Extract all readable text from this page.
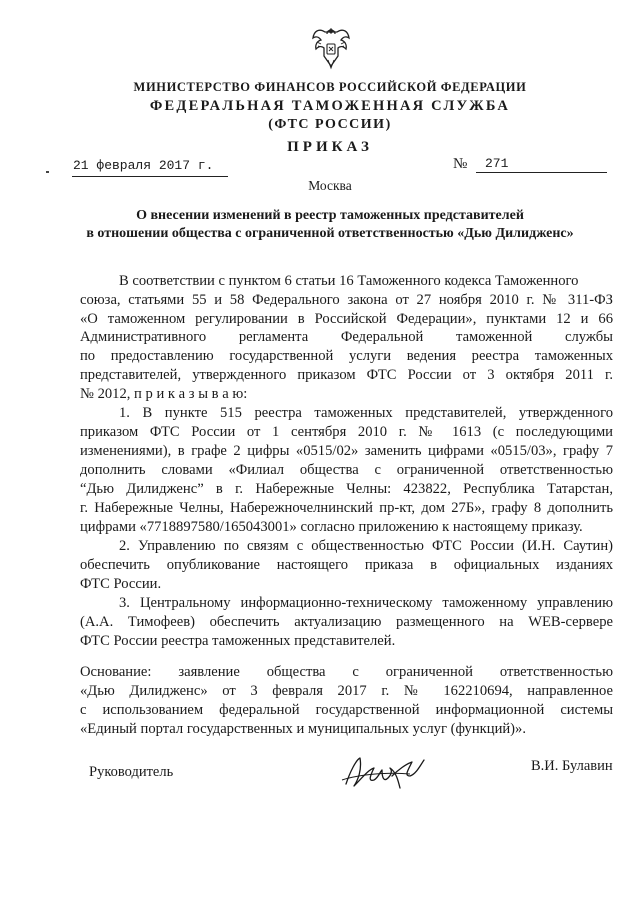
МИНИСТЕРСТВО ФИНАНСОВ РОССИЙСКОЙ ФЕДЕРАЦИИ
ФЕДЕРАЛЬНАЯ ТАМОЖЕННАЯ СЛУЖБА
(ФТС РОССИИ)
ПРИКАЗ
21 февраля 2017 г.	№ 271
Москва
О внесении изменений в реестр таможенных представителей
в отношении общества с ограниченной ответственностью «Дью Дилидженс»
В соответствии с пунктом 6 статьи 16 Таможенного кодекса Таможенного
союза, статьями 55 и 58 Федерального закона от 27 ноября 2010 г. № 311-ФЗ
«О таможенном регулировании в Российской Федерации», пунктами 12 и 66
Административного регламента Федеральной таможенной службы
по предоставлению государственной услуги ведения реестра таможенных
представителей, утвержденного приказом ФТС России от 3 октября 2011 г.
№ 2012, п р и к а з ы в а ю:
1. В пункте 515 реестра таможенных представителей, утвержденного
приказом ФТС России от 1 сентября 2010 г. № 1613 (с последующими
изменениями), в графе 2 цифры «0515/02» заменить цифрами «0515/03», графу 7
дополнить словами «Филиал общества с ограниченной ответственностью
“Дью Дилидженс” в г. Набережные Челны: 423822, Республика Татарстан,
г. Набережные Челны, Набережночелнинский пр-кт, дом 27Б», графу 8 дополнить
цифрами «7718897580/165043001» согласно приложению к настоящему приказу.
2. Управлению по связям с общественностью ФТС России (И.Н. Саутин)
обеспечить опубликование настоящего приказа в официальных изданиях
ФТС России.
3. Центральному информационно-техническому таможенному управлению
(А.А. Тимофеев) обеспечить актуализацию размещенного на WEB-сервере
ФТС России реестра таможенных представителей.
Основание: заявление общества с ограниченной ответственностью
«Дью Дилидженс» от 3 февраля 2017 г. № 162210694, направленное
с использованием федеральной государственной информационной системы
«Единый портал государственных и муниципальных услуг (функций)».
Руководитель	В.И. Булавин
